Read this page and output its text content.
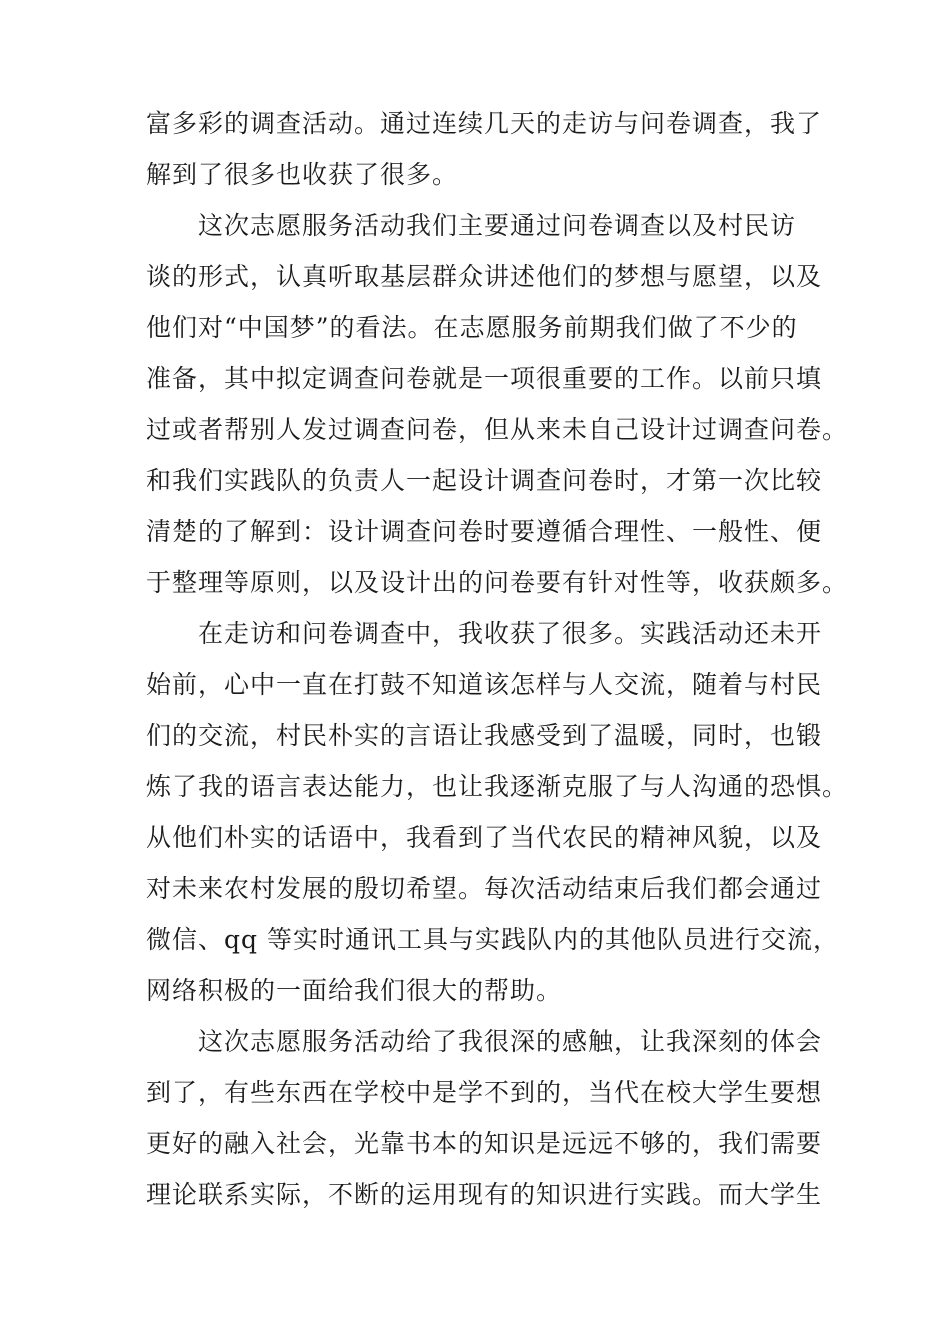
富多彩的调查活动。通过连续几天的走访与问卷调查，我了
解到了很多也收获了很多。
这次志愿服务活动我们主要通过问卷调查以及村民访
谈的形式，认真听取基层群众讲述他们的梦想与愿望，以及
他们对“中国梦”的看法。在志愿服务前期我们做了不少的
准备，其中拟定调查问卷就是一项很重要的工作。以前只填
过或者帮别人发过调查问卷，但从来未自己设计过调查问卷。
和我们实践队的负责人一起设计调查问卷时，才第一次比较
清楚的了解到：设计调查问卷时要遵循合理性、一般性、便
于整理等原则，以及设计出的问卷要有针对性等，收获颇多。
在走访和问卷调查中，我收获了很多。实践活动还未开
始前，心中一直在打鼓不知道该怎样与人交流，随着与村民
们的交流，村民朴实的言语让我感受到了温暖，同时，也锻
炼了我的语言表达能力，也让我逐渐克服了与人沟通的恐惧。
从他们朴实的话语中，我看到了当代农民的精神风貌，以及
对未来农村发展的殷切希望。每次活动结束后我们都会通过
微信、qq 等实时通讯工具与实践队内的其他队员进行交流，
网络积极的一面给我们很大的帮助。
这次志愿服务活动给了我很深的感触，让我深刻的体会
到了，有些东西在学校中是学不到的，当代在校大学生要想
更好的融入社会，光靠书本的知识是远远不够的，我们需要
理论联系实际，不断的运用现有的知识进行实践。而大学生
